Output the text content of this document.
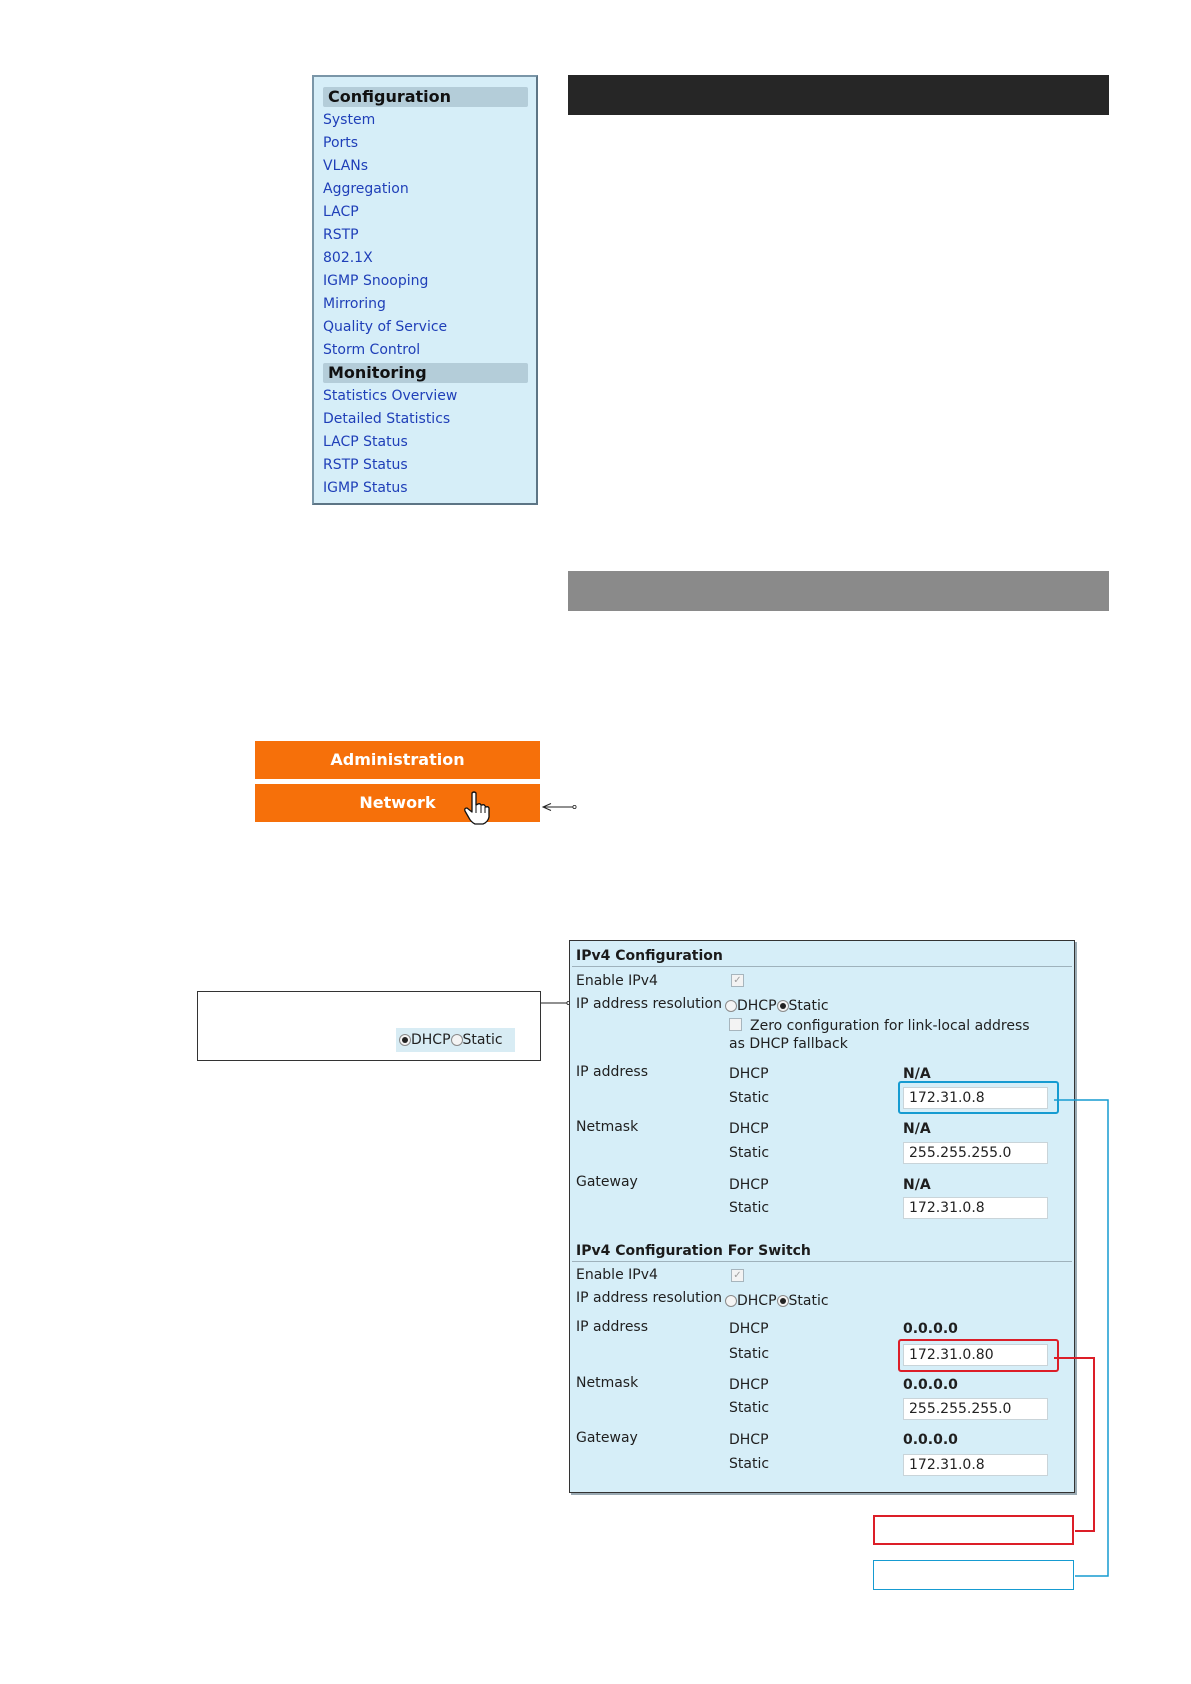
Configuration
System
Ports
VLANs
Aggregation
LACP
RSTP
802.1X
IGMP Snooping
Mirroring
Quality of Service
Storm Control
Monitoring
Statistics Overview
Detailed Statistics
LACP Status
RSTP Status
IGMP Status
Administration
Network
DHCP Static
IPv4 Configuration
Enable IPv4	✓
IP address resolution	DHCP Static
Zero configuration for link-local address
as DHCP fallback
IP address	DHCP	N/A
Static	172.31.0.8
Netmask	DHCP	N/A
Static	255.255.255.0
Gateway	DHCP	N/A
Static	172.31.0.8
IPv4 Configuration For Switch
Enable IPv4	✓
IP address resolution	DHCP Static
IP address	DHCP	0.0.0.0
Static	172.31.0.80
Netmask	DHCP	0.0.0.0
Static	255.255.255.0
Gateway	DHCP	0.0.0.0
Static	172.31.0.8
